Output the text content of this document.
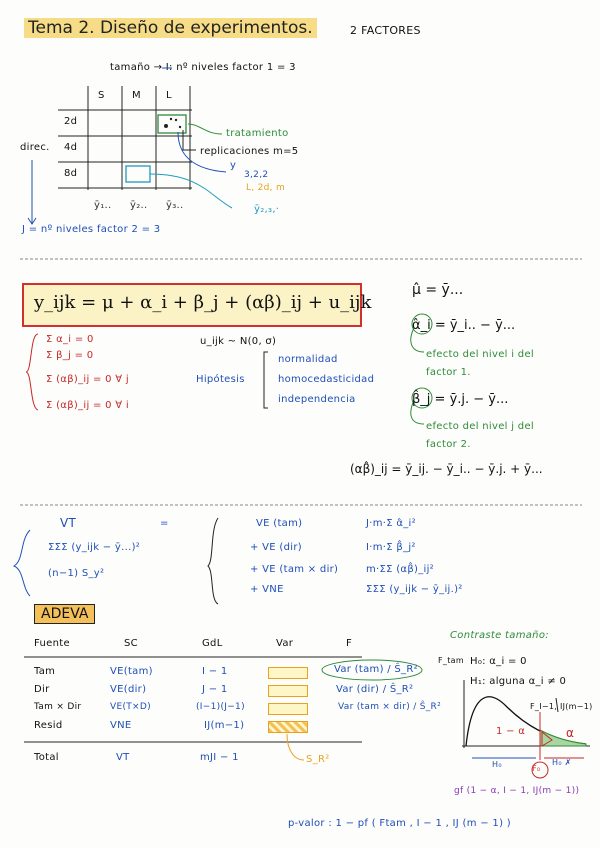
Tema 2. Diseño de experimentos.	2 FACTORES
tamaño → I: nº niveles factor 1 = 3
S	M	L
2d
4d
8d
direc.
J = nº niveles factor 2 = 3
tratamiento
replicaciones m=5
y
3,2,2
L, 2d, m
ȳ₁.. ȳ₂.. ȳ₃..	ȳ₂,₃,·
y_ijk = μ + α_i + β_j + (αβ)_ij + u_ijk
Σ α_i = 0
Σ β_j = 0
Σ (αβ)_ij = 0 ∀ j
Σ (αβ)_ij = 0 ∀ i
u_ijk ~ N(0, σ)
Hipótesis
normalidad
homocedasticidad
independencia
μ̂ = ȳ...
α̂_i = ȳ_i.. − ȳ...
efecto del nivel i del factor 1.
β̂_j = ȳ.j. − ȳ...
efecto del nivel j del factor 2.
(αβ̂)_ij = ȳ_ij. − ȳ_i.. − ȳ.j. + ȳ...
VT
ΣΣΣ (y_ijk − ȳ...)²
(n−1) S_y²
=	VE (tam)
+ VE (dir)
+ VE (tam × dir)
+ VNE
J·m·Σ α̂_i²
I·m·Σ β̂_j²
m·ΣΣ (αβ̂)_ij²
ΣΣΣ (y_ijk − ȳ_ij.)²
ADEVA
Fuente	SC	GdL	Var	F
Tam	VE(tam)	I − 1	Var (tam) / Ŝ_R²
Dir	VE(dir)	J − 1	Var (dir) / Ŝ_R²
Tam × Dir	VE(T×D)	(I−1)(J−1)	Var (tam × dir) / Ŝ_R²
Resid	VNE	IJ(m−1)
Total	VT	mJI − 1	S_R²
Contraste tamaño:
F_tam H₀: α_i = 0
H₁: alguna α_i ≠ 0
F_I−1, IJ(m−1)
1 − α	α
H₀	H₀ ✗
F₀
gf (1 − α, I − 1, IJ(m − 1))
p-valor : 1 − pf ( Ftam , I − 1 , IJ (m − 1) )
